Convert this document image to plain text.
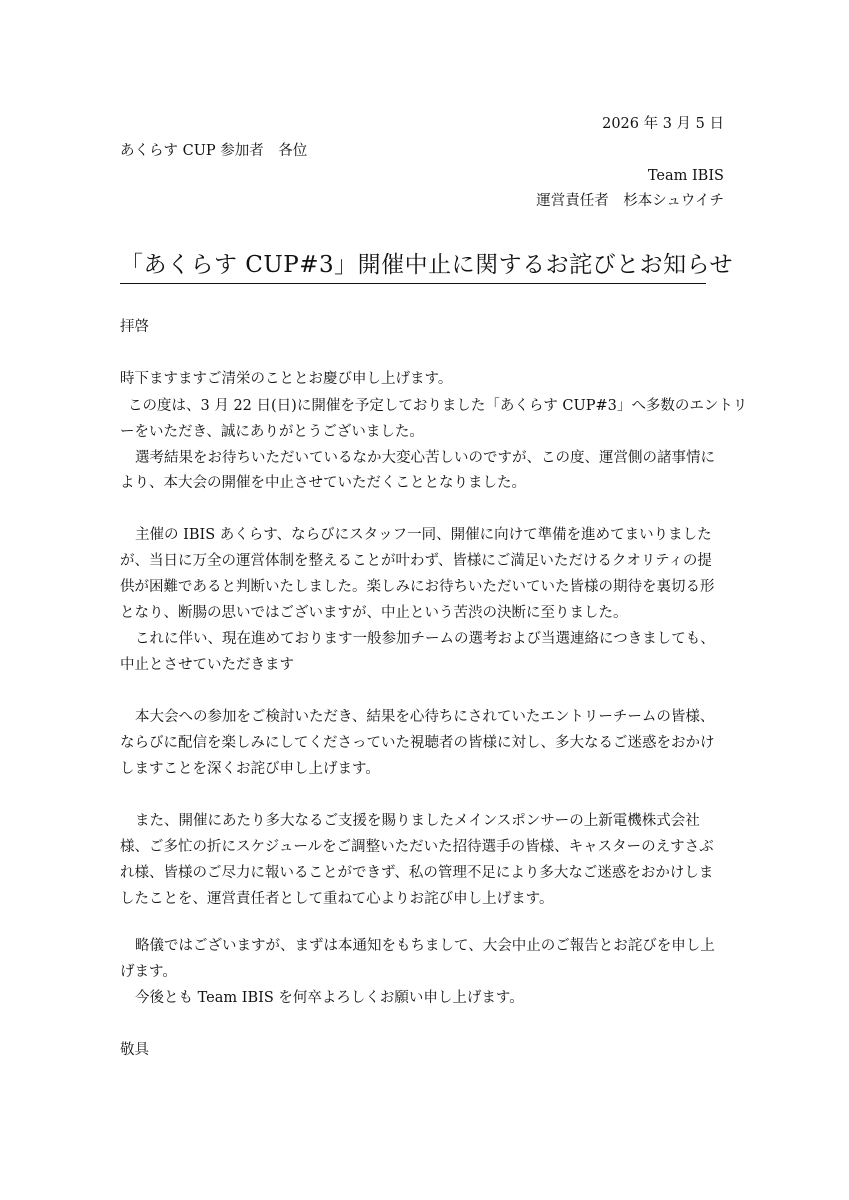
2026 年 3 月 5 日
あくらす CUP 参加者　各位
Team IBIS
運営責任者　杉本シュウイチ
「あくらす CUP#3」開催中止に関するお詫びとお知らせ
拝啓
時下ますますご清栄のこととお慶び申し上げます。
この度は、3 月 22 日(日)に開催を予定しておりました「あくらす CUP#3」へ多数のエントリ
ーをいただき、誠にありがとうございました。
選考結果をお待ちいただいているなか大変心苦しいのですが、この度、運営側の諸事情に
より、本大会の開催を中止させていただくこととなりました。
主催の IBIS あくらす、ならびにスタッフ一同、開催に向けて準備を進めてまいりました
が、当日に万全の運営体制を整えることが叶わず、皆様にご満足いただけるクオリティの提
供が困難であると判断いたしました。楽しみにお待ちいただいていた皆様の期待を裏切る形
となり、断腸の思いではございますが、中止という苦渋の決断に至りました。
これに伴い、現在進めております一般参加チームの選考および当選連絡につきましても、
中止とさせていただきます
本大会への参加をご検討いただき、結果を心待ちにされていたエントリーチームの皆様、
ならびに配信を楽しみにしてくださっていた視聴者の皆様に対し、多大なるご迷惑をおかけ
しますことを深くお詫び申し上げます。
また、開催にあたり多大なるご支援を賜りましたメインスポンサーの上新電機株式会社
様、ご多忙の折にスケジュールをご調整いただいた招待選手の皆様、キャスターのえすさぶ
れ様、皆様のご尽力に報いることができず、私の管理不足により多大なご迷惑をおかけしま
したことを、運営責任者として重ねて心よりお詫び申し上げます。
略儀ではございますが、まずは本通知をもちまして、大会中止のご報告とお詫びを申し上
げます。
今後とも Team IBIS を何卒よろしくお願い申し上げます。
敬具
